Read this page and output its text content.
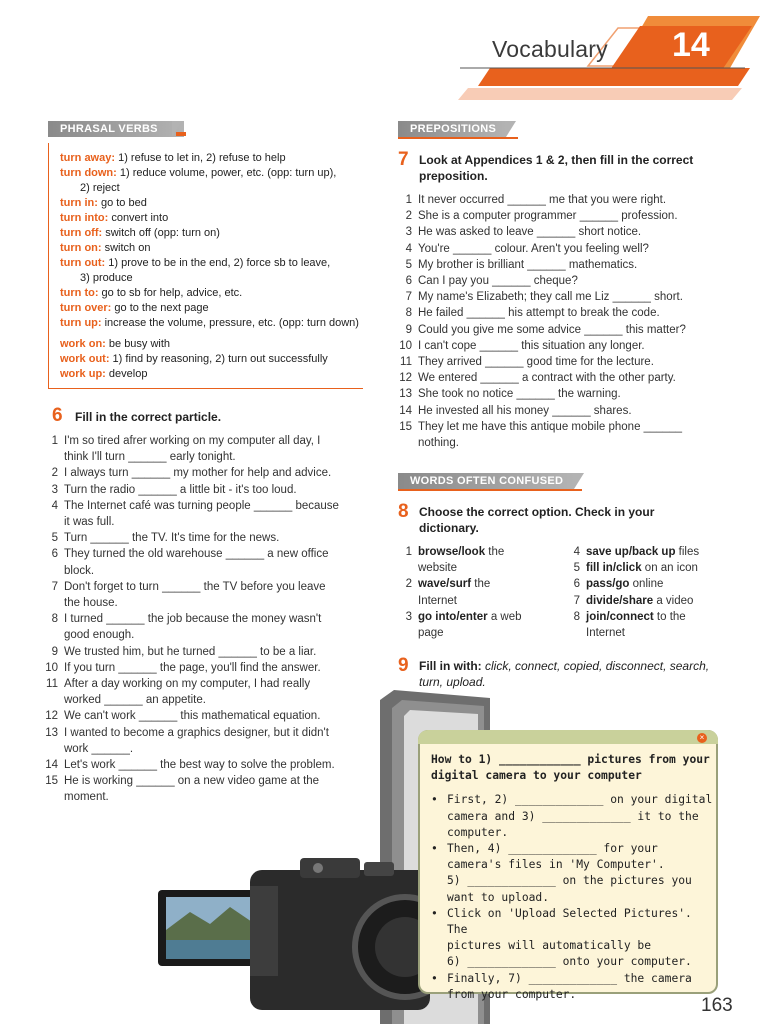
Vocabulary 14
PHRASAL VERBS
turn away: 1) refuse to let in, 2) refuse to help
turn down: 1) reduce volume, power, etc. (opp: turn up),
2) reject
turn in: go to bed
turn into: convert into
turn off: switch off (opp: turn on)
turn on: switch on
turn out: 1) prove to be in the end, 2) force sb to leave,
3) produce
turn to: go to sb for help, advice, etc.
turn over: go to the next page
turn up: increase the volume, pressure, etc. (opp: turn down)
work on: be busy with
work out: 1) find by reasoning, 2) turn out successfully
work up: develop
6 Fill in the correct particle.
1 I'm so tired afrer working on my computer all day, I
think I'll turn ______ early tonight.
2 I always turn ______ my mother for help and advice.
3 Turn the radio ______ a little bit - it's too loud.
4 The Internet café was turning people ______ because
it was full.
5 Turn ______ the TV. It's time for the news.
6 They turned the old warehouse ______ a new office
block.
7 Don't forget to turn ______ the TV before you leave
the house.
8 I turned ______ the job because the money wasn't
good enough.
9 We trusted him, but he turned ______ to be a liar.
10 If you turn ______ the page, you'll find the answer.
11 After a day working on my computer, I had really
worked ______ an appetite.
12 We can't work ______ this mathematical equation.
13 I wanted to become a graphics designer, but it didn't
work ______.
14 Let's work ______ the best way to solve the problem.
15 He is working ______ on a new video game at the
moment.
PREPOSITIONS
7 Look at Appendices 1 & 2, then fill in the correct
preposition.
1 It never occurred ______ me that you were right.
2 She is a computer programmer ______ profession.
3 He was asked to leave ______ short notice.
4 You're ______ colour. Aren't you feeling well?
5 My brother is brilliant ______ mathematics.
6 Can I pay you ______ cheque?
7 My name's Elizabeth; they call me Liz ______ short.
8 He failed ______ his attempt to break the code.
9 Could you give me some advice ______ this matter?
10 I can't cope ______ this situation any longer.
11 They arrived ______ good time for the lecture.
12 We entered ______ a contract with the other party.
13 She took no notice ______ the warning.
14 He invested all his money ______ shares.
15 They let me have this antique mobile phone ______
nothing.
WORDS OFTEN CONFUSED
8 Choose the correct option. Check in your
dictionary.
1 browse/look the
website
2 wave/surf the
Internet
3 go into/enter a web
page
4 save up/back up files
5 fill in/click on an icon
6 pass/go online
7 divide/share a video
8 join/connect to the
Internet
9 Fill in with: click, connect, copied, disconnect, search,
turn, upload.
×
How to 1) ____________ pictures from your
digital camera to your computer
• First, 2) _____________ on your digital
camera and 3) _____________ it to the
computer.
• Then, 4) _____________ for your
camera's files in 'My Computer'.
5) _____________ on the pictures you
want to upload.
• Click on 'Upload Selected Pictures'. The
pictures will automatically be
6) _____________ onto your computer.
• Finally, 7) _____________ the camera
from your computer.
163
